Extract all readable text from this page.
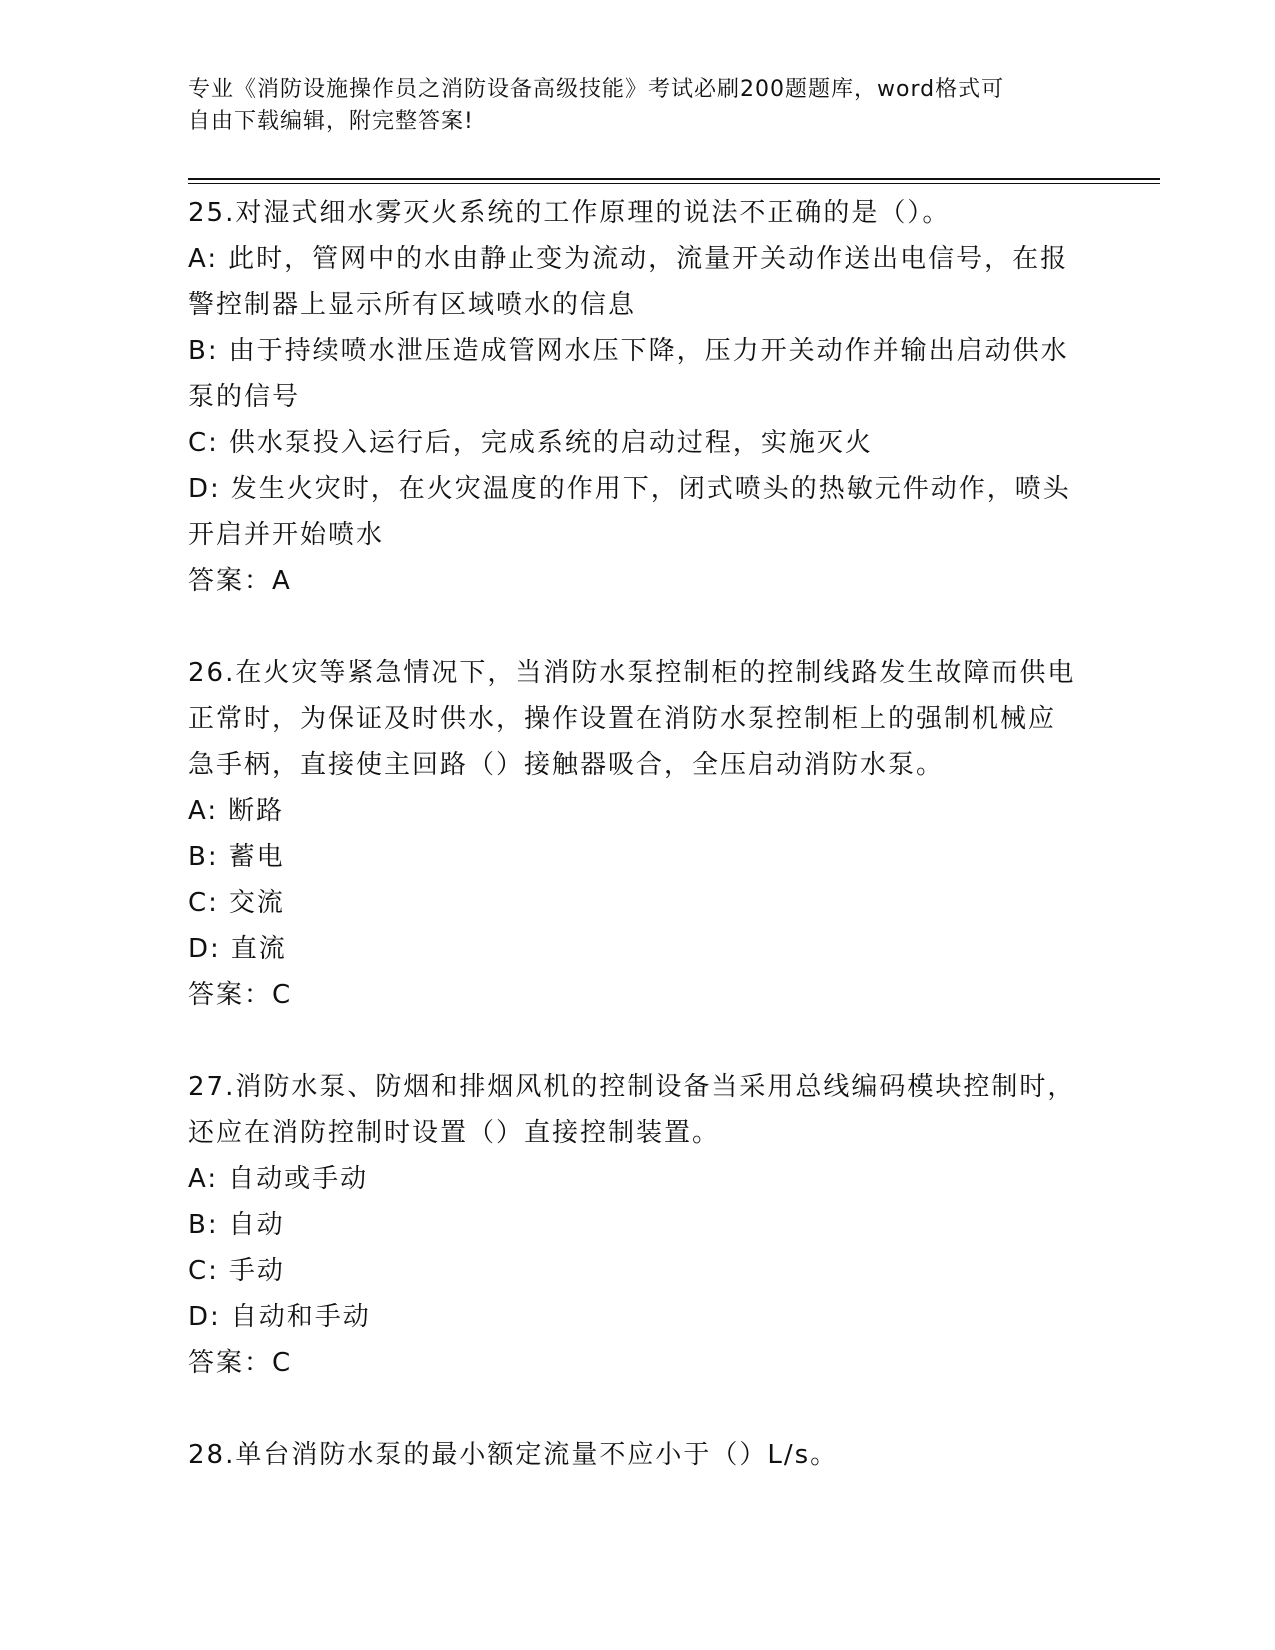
专业《消防设施操作员之消防设备高级技能》考试必刷200题题库，word格式可
自由下载编辑，附完整答案!

25.对湿式细水雾灭火系统的工作原理的说法不正确的是（）。

A: 此时，管网中的水由静止变为流动，流量开关动作送出电信号，在报警控制器上显示所有区域喷水的信息

B: 由于持续喷水泄压造成管网水压下降，压力开关动作并输出启动供水泵的信号

C: 供水泵投入运行后，完成系统的启动过程，实施灭火

D: 发生火灾时，在火灾温度的作用下，闭式喷头的热敏元件动作，喷头开启并开始喷水

答案：A

26.在火灾等紧急情况下，当消防水泵控制柜的控制线路发生故障而供电正常时，为保证及时供水，操作设置在消防水泵控制柜上的强制机械应急手柄，直接使主回路（）接触器吸合，全压启动消防水泵。

A: 断路

B: 蓄电

C: 交流

D: 直流

答案：C

27.消防水泵、防烟和排烟风机的控制设备当采用总线编码模块控制时，还应在消防控制时设置（）直接控制装置。

A: 自动或手动

B: 自动

C: 手动

D: 自动和手动

答案：C

28.单台消防水泵的最小额定流量不应小于（）L/s。
